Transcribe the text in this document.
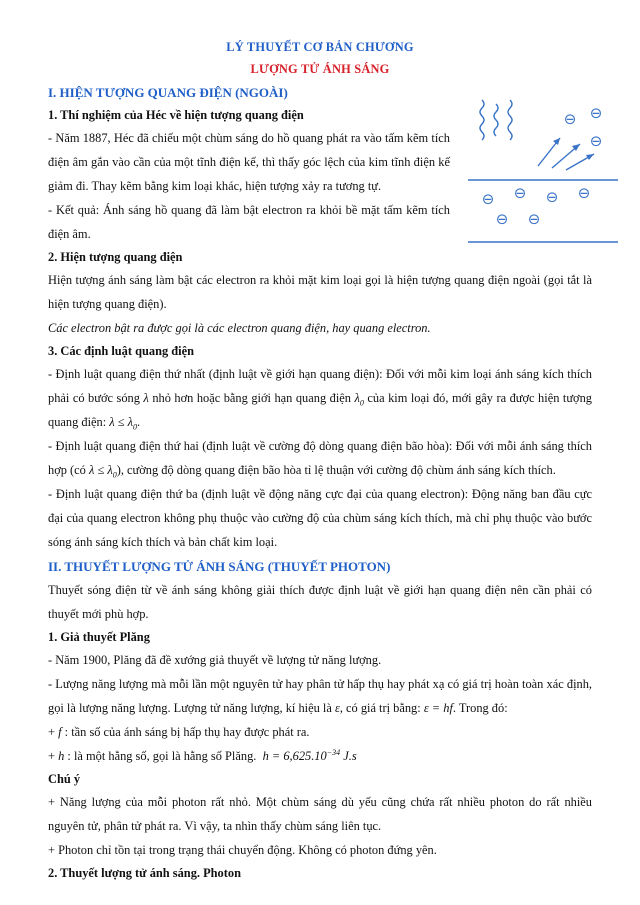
LÝ THUYẾT CƠ BẢN CHƯƠNG
LƯỢNG TỬ ÁNH SÁNG
I. HIỆN TƯỢNG QUANG ĐIỆN (NGOÀI)
1. Thí nghiệm của Héc về hiện tượng quang điện

- Năm 1887, Héc đã chiếu một chùm sáng do hồ quang phát ra vào tấm kẽm tích điện âm gắn vào cần của một tĩnh điện kế, thì thấy góc lệch của kim tĩnh điện kế giảm đi. Thay kẽm bằng kim loại khác, hiện tượng xảy ra tương tự.

- Kết quả: Ánh sáng hồ quang đã làm bật electron ra khỏi bề mặt tấm kẽm tích điện âm.

2. Hiện tượng quang điện

Hiện tượng ánh sáng làm bật các electron ra khỏi mặt kim loại gọi là hiện tượng quang điện ngoài (gọi tắt là hiện tượng quang điện).

Các electron bật ra được gọi là các electron quang điện, hay quang electron.

3. Các định luật quang điện

- Định luật quang điện thứ nhất (định luật về giới hạn quang điện): Đối với mỗi kim loại ánh sáng kích thích phải có bước sóng λ nhỏ hơn hoặc bằng giới hạn quang điện $\lambda_0$ của kim loại đó, mới gây ra được hiện tượng quang điện: $\lambda \le \lambda_0$.

- Định luật quang điện thứ hai (định luật về cường độ dòng quang điện bão hòa): Đối với mỗi ánh sáng thích hợp (có $\lambda \le \lambda_0$), cường độ dòng quang điện bão hòa tỉ lệ thuận với cường độ chùm ánh sáng kích thích.

- Định luật quang điện thứ ba (định luật về động năng cực đại của quang electron): Động năng ban đầu cực đại của quang electron không phụ thuộc vào cường độ của chùm sáng kích thích, mà chỉ phụ thuộc vào bước sóng ánh sáng kích thích và bản chất kim loại.

II. THUYẾT LƯỢNG TỬ ÁNH SÁNG (THUYẾT PHOTON)

Thuyết sóng điện từ về ánh sáng không giải thích được định luật về giới hạn quang điện nên cần phải có thuyết mới phù hợp.

1. Giả thuyết Plăng

- Năm 1900, Plăng đã đề xướng giả thuyết về lượng tử năng lượng.

- Lượng năng lượng mà mỗi lần một nguyên tử hay phân tử hấp thụ hay phát xạ có giá trị hoàn toàn xác định, gọi là lượng năng lượng. Lượng tử năng lượng, kí hiệu là ε, có giá trị bằng: ε = hf. Trong đó:

+ f : tần số của ánh sáng bị hấp thụ hay được phát ra.

+ h : là một hằng số, gọi là hằng số Plăng. $h = 6,625.10^{-34}$ J.s

Chú ý

+ Năng lượng của mỗi photon rất nhỏ. Một chùm sáng dù yếu cũng chứa rất nhiều photon do rất nhiều nguyên tử, phân tử phát ra. Vì vậy, ta nhìn thấy chùm sáng liên tục.

+ Photon chỉ tồn tại trong trạng thái chuyển động. Không có photon đứng yên.

2. Thuyết lượng tử ánh sáng. Photon
⊖ ⊖
⊖
⊖ ⊖ ⊖ ⊖
⊖ ⊖
